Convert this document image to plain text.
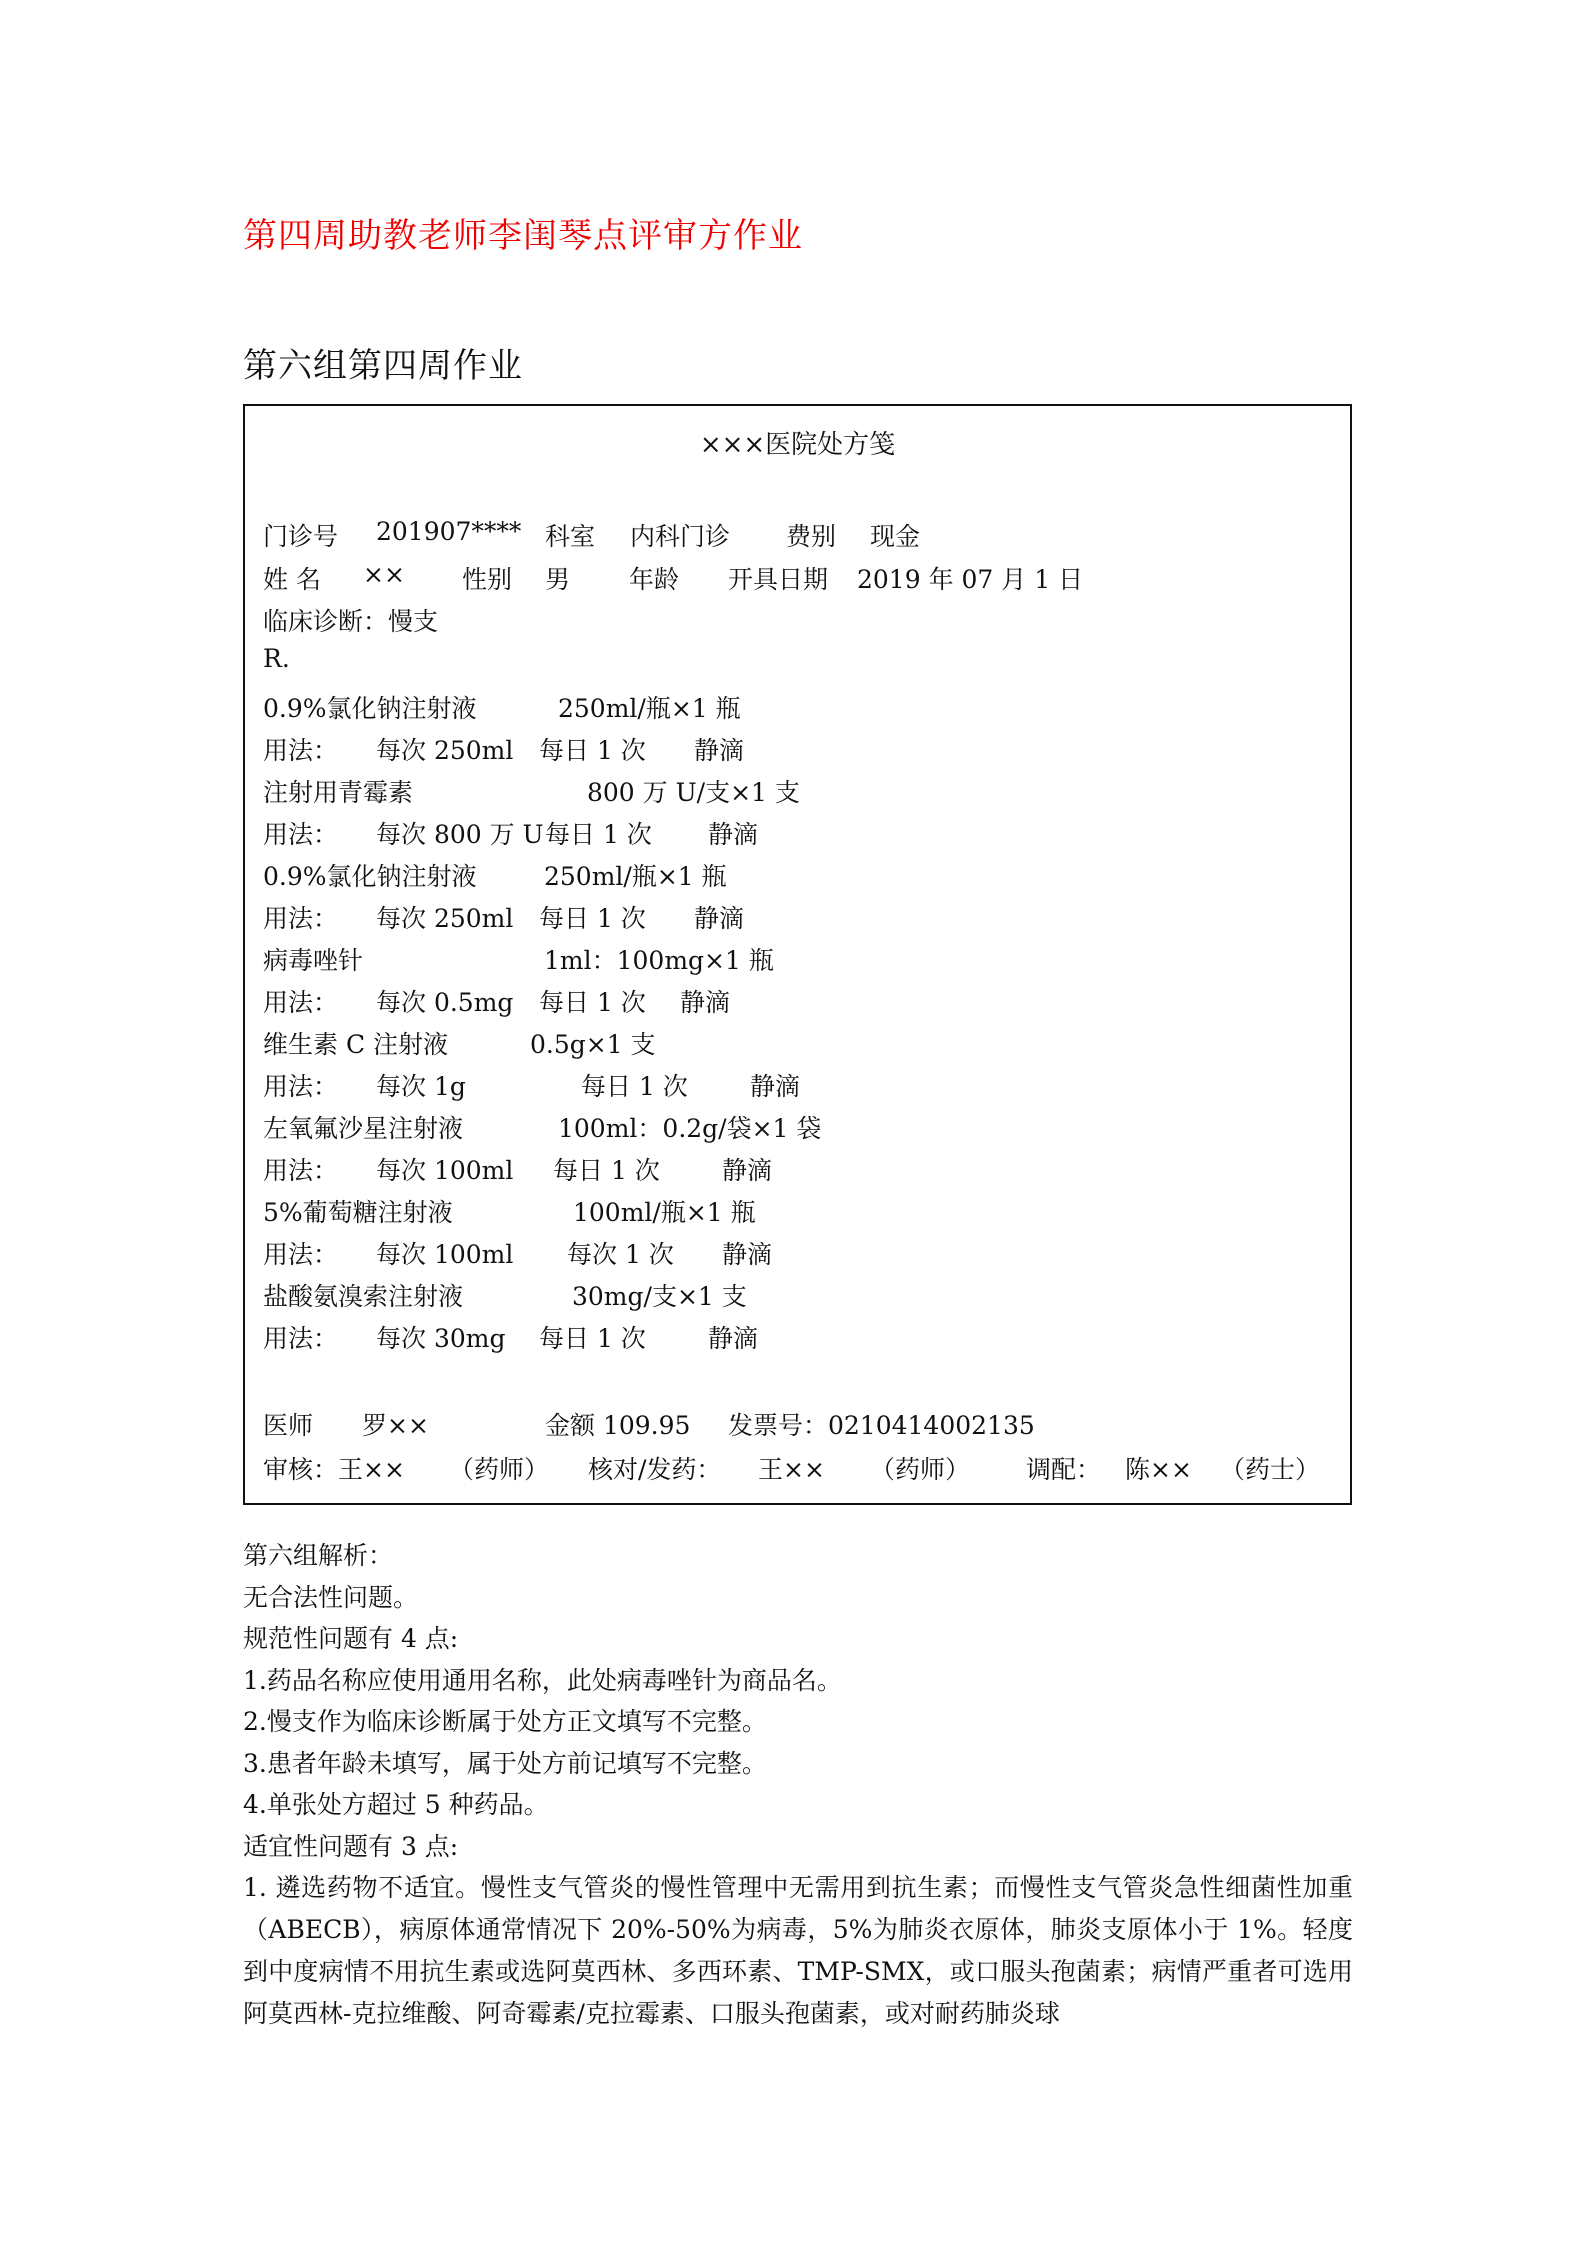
第四周助教老师李闺琴点评审方作业
第六组第四周作业
×××医院处方笺
门诊号 201907**** 科室 内科门诊 费别 现金
姓 名 ×× 性别 男 年龄 开具日期 2019 年 07 月 1 日
临床诊断：慢支
R.
0.9%氯化钠注射液	250ml/瓶×1 瓶
用法： 每次 250ml 每日 1 次 静滴
注射用青霉素	800 万 U/支×1 支
用法： 每次 800 万 U 每日 1 次 静滴
0.9%氯化钠注射液	250ml/瓶×1 瓶
用法： 每次 250ml 每日 1 次 静滴
病毒唑针	1ml：100mg×1 瓶
用法： 每次 0.5mg 每日 1 次 静滴
维生素 C 注射液	0.5g×1 支
用法： 每次 1g	每日 1 次 静滴
左氧氟沙星注射液	100ml：0.2g/袋×1 袋
用法： 每次 100ml 每日 1 次 静滴
5%葡萄糖注射液	100ml/瓶×1 瓶
用法： 每次 100ml 每次 1 次 静滴
盐酸氨溴索注射液	30mg/支×1 支
用法： 每次 30mg 每日 1 次 静滴
医师 罗××	金额 109.95 发票号：0210414002135
审核：王×× （药师） 核对/发药： 王×× （药师） 调配： 陈×× （药士）
第六组解析：
无合法性问题。
规范性问题有 4 点:
1.药品名称应使用通用名称，此处病毒唑针为商品名。
2.慢支作为临床诊断属于处方正文填写不完整。
3.患者年龄未填写，属于处方前记填写不完整。
4.单张处方超过 5 种药品。
适宜性问题有 3 点:
1. 遴选药物不适宜。慢性支气管炎的慢性管理中无需用到抗生素；而慢性支气管炎急性细菌性加重（ABECB），病原体通常情况下 20%-50%为病毒，5%为肺炎衣原体，肺炎支原体小于 1%。轻度到中度病情不用抗生素或选阿莫西林、多西环素、TMP-SMX，或口服头孢菌素；病情严重者可选用阿莫西林-克拉维酸、阿奇霉素/克拉霉素、口服头孢菌素，或对耐药肺炎球
